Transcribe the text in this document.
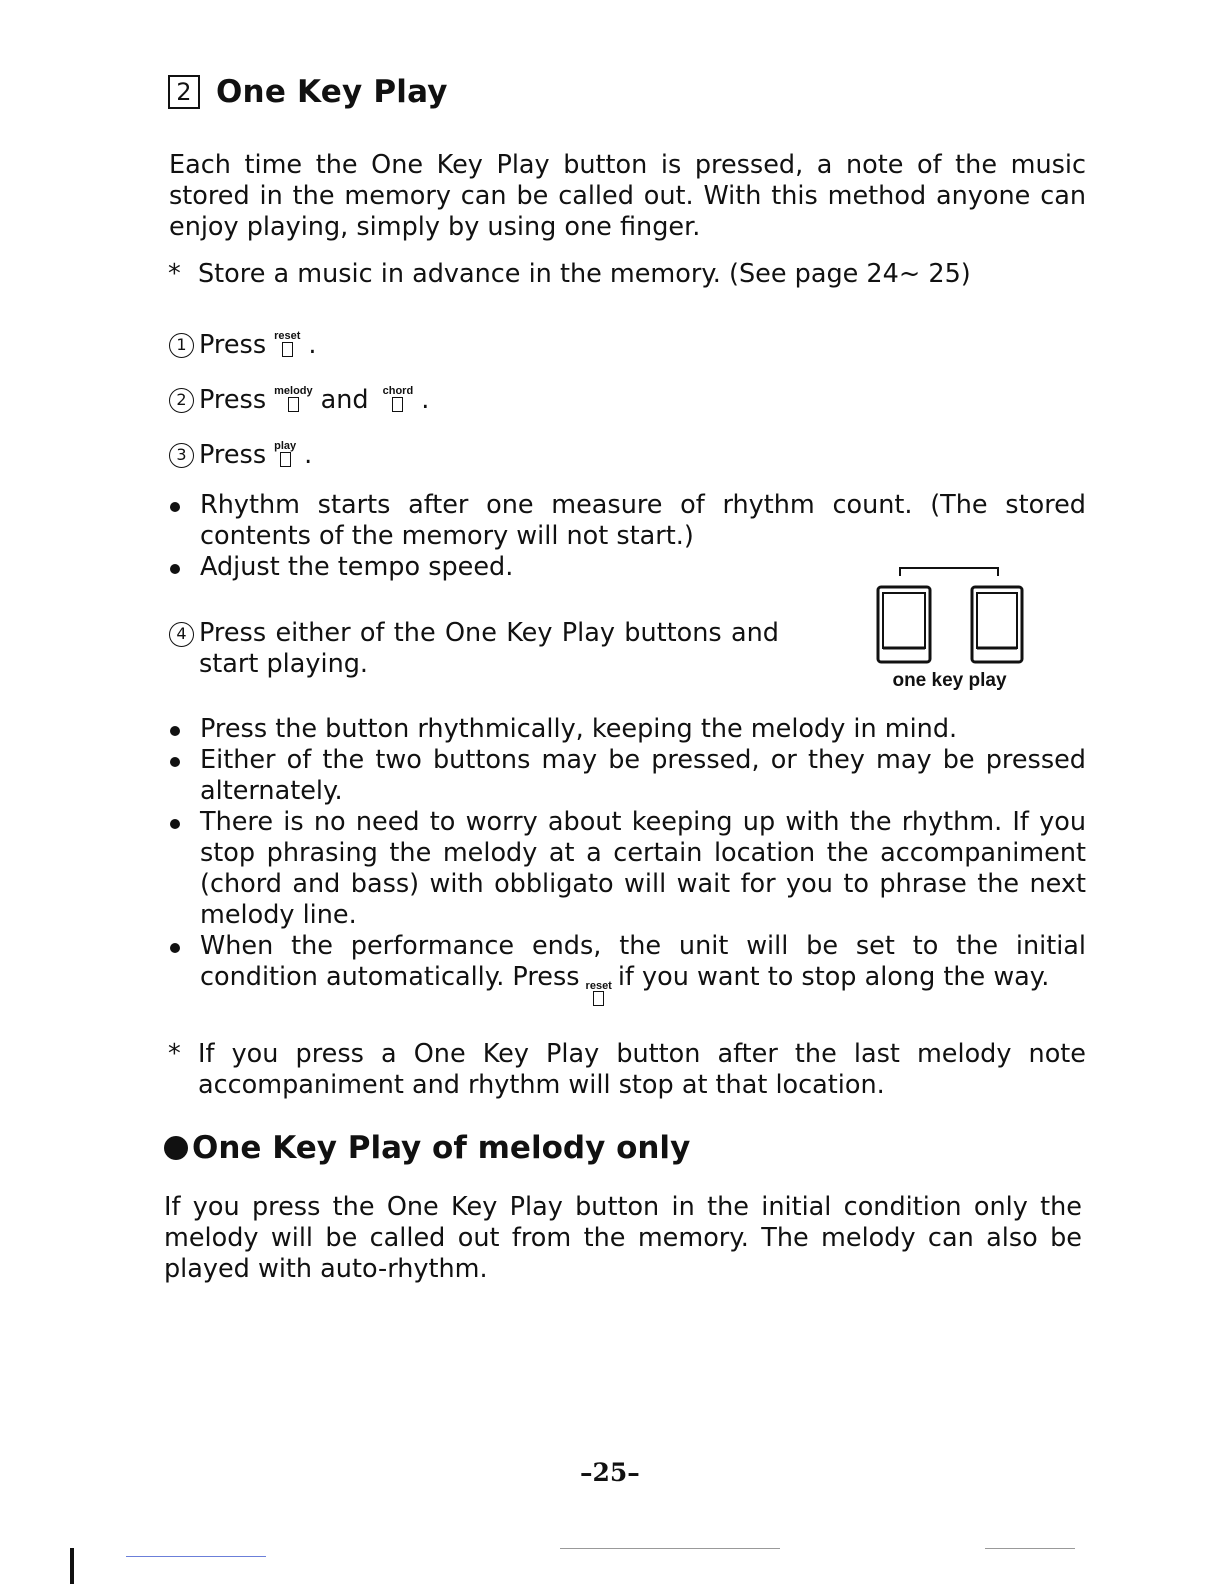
2 One Key Play

Each time the One Key Play button is pressed, a note of the music stored in the memory can be called out. With this method anyone can enjoy playing, simply by using one finger.

* Store a music in advance in the memory. (See page 24~ 25)
1 Press reset .
2 Press melody and chord .
3 Press play .
Rhythm starts after one measure of rhythm count. (The stored contents of the memory will not start.)
Adjust the tempo speed.
4 Press either of the One Key Play buttons and start playing.
one key play
Press the button rhythmically, keeping the melody in mind.
Either of the two buttons may be pressed, or they may be pressed alternately.
There is no need to worry about keeping up with the rhythm. If you stop phrasing the melody at a certain location the accompaniment (chord and bass) with obbligato will wait for you to phrase the next melody line.
When the performance ends, the unit will be set to the initial condition automatically. Press reset if you want to stop along the way.
* If you press a One Key Play button after the last melody note accompaniment and rhythm will stop at that location.
One Key Play of melody only

If you press the One Key Play button in the initial condition only the melody will be called out from the memory. The melody can also be played with auto-rhythm.

–25–
